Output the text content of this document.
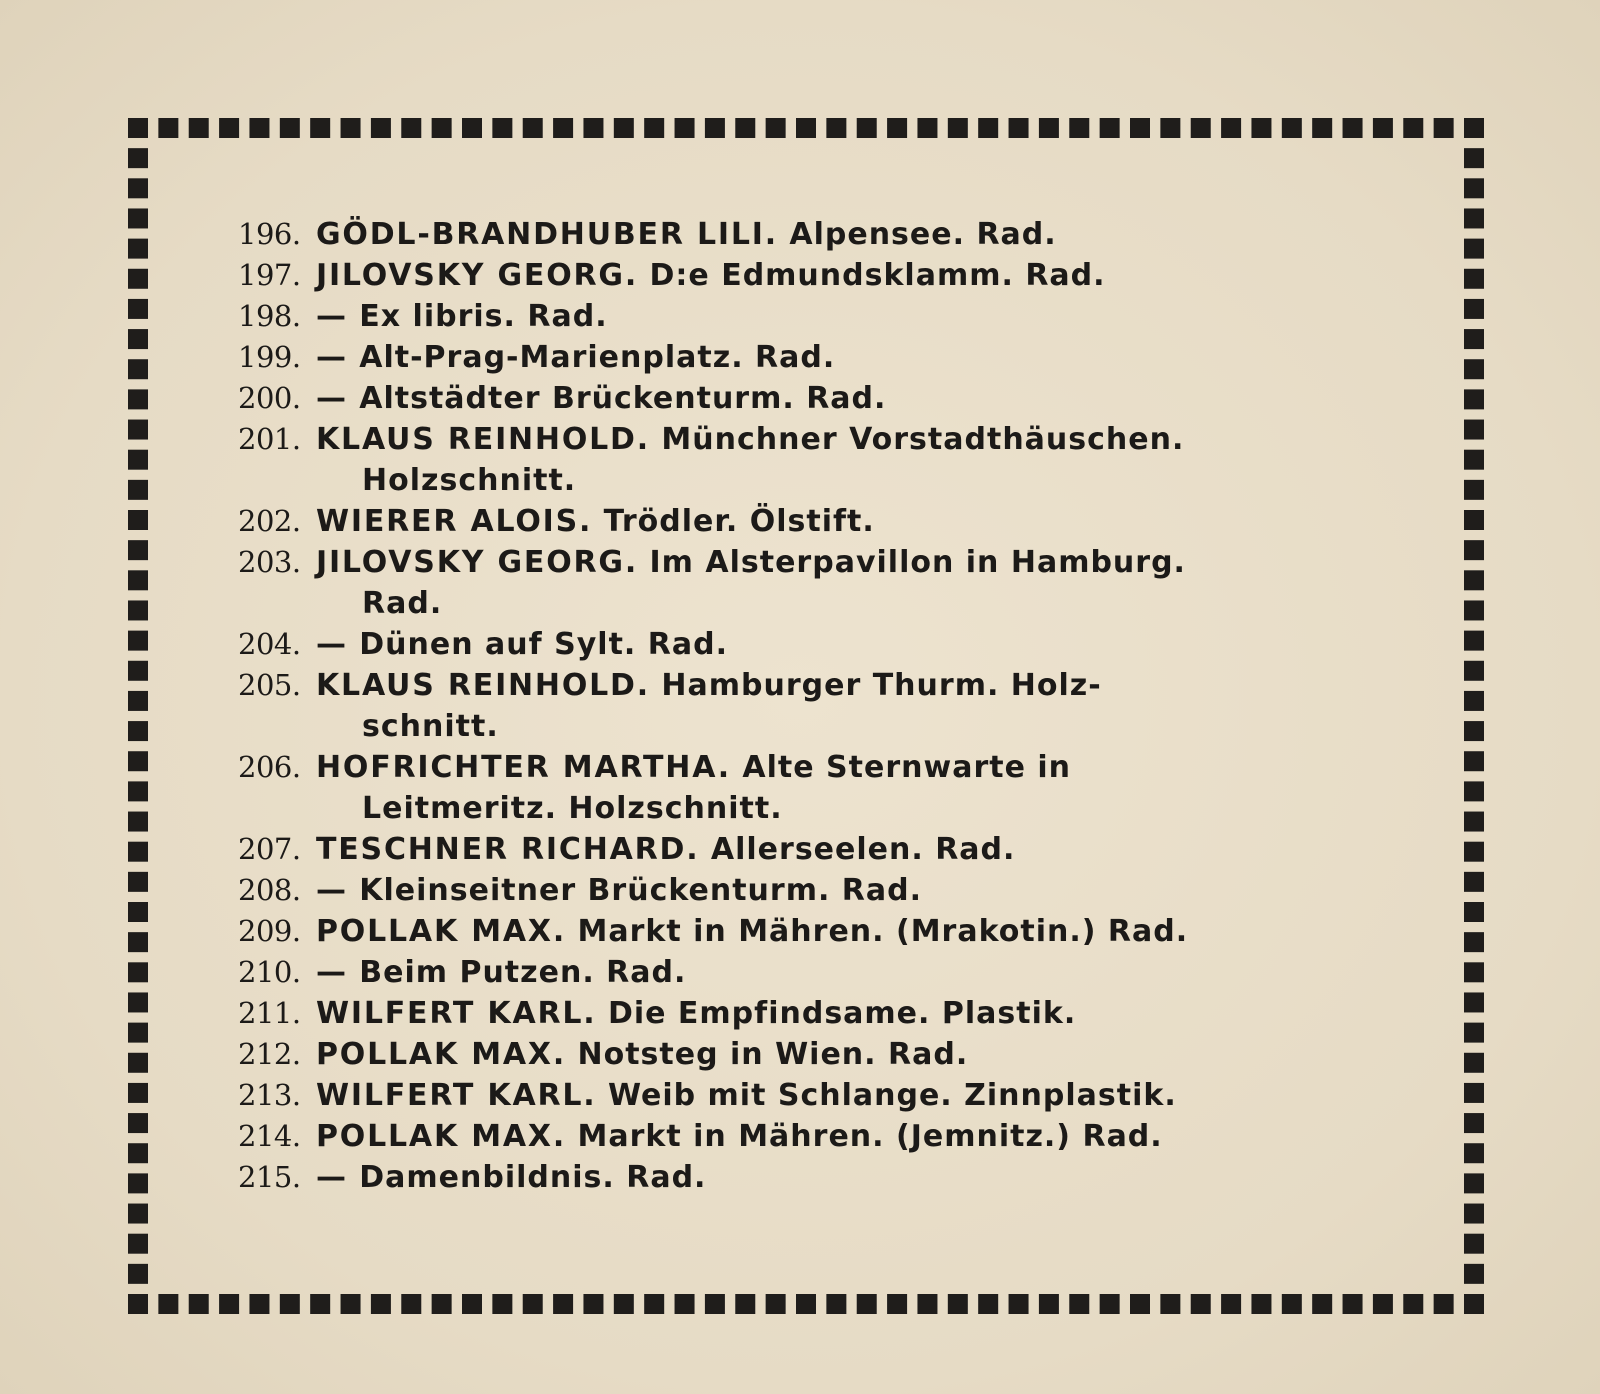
196. GÖDL-BRANDHUBER LILI. Alpensee. Rad.
197. JILOVSKY GEORG. D:e Edmundsklamm. Rad.
198. — Ex libris. Rad.
199. — Alt-Prag-Marienplatz. Rad.
200. — Altstädter Brückenturm. Rad.
201. KLAUS REINHOLD. Münchner Vorstadthäuschen.
Holzschnitt.
202. WIERER ALOIS. Trödler. Ölstift.
203. JILOVSKY GEORG. Im Alsterpavillon in Hamburg.
Rad.
204. — Dünen auf Sylt. Rad.
205. KLAUS REINHOLD. Hamburger Thurm. Holz-
schnitt.
206. HOFRICHTER MARTHA. Alte Sternwarte in
Leitmeritz. Holzschnitt.
207. TESCHNER RICHARD. Allerseelen. Rad.
208. — Kleinseitner Brückenturm. Rad.
209. POLLAK MAX. Markt in Mähren. (Mrakotin.) Rad.
210. — Beim Putzen. Rad.
211. WILFERT KARL. Die Empfindsame. Plastik.
212. POLLAK MAX. Notsteg in Wien. Rad.
213. WILFERT KARL. Weib mit Schlange. Zinnplastik.
214. POLLAK MAX. Markt in Mähren. (Jemnitz.) Rad.
215. — Damenbildnis. Rad.
